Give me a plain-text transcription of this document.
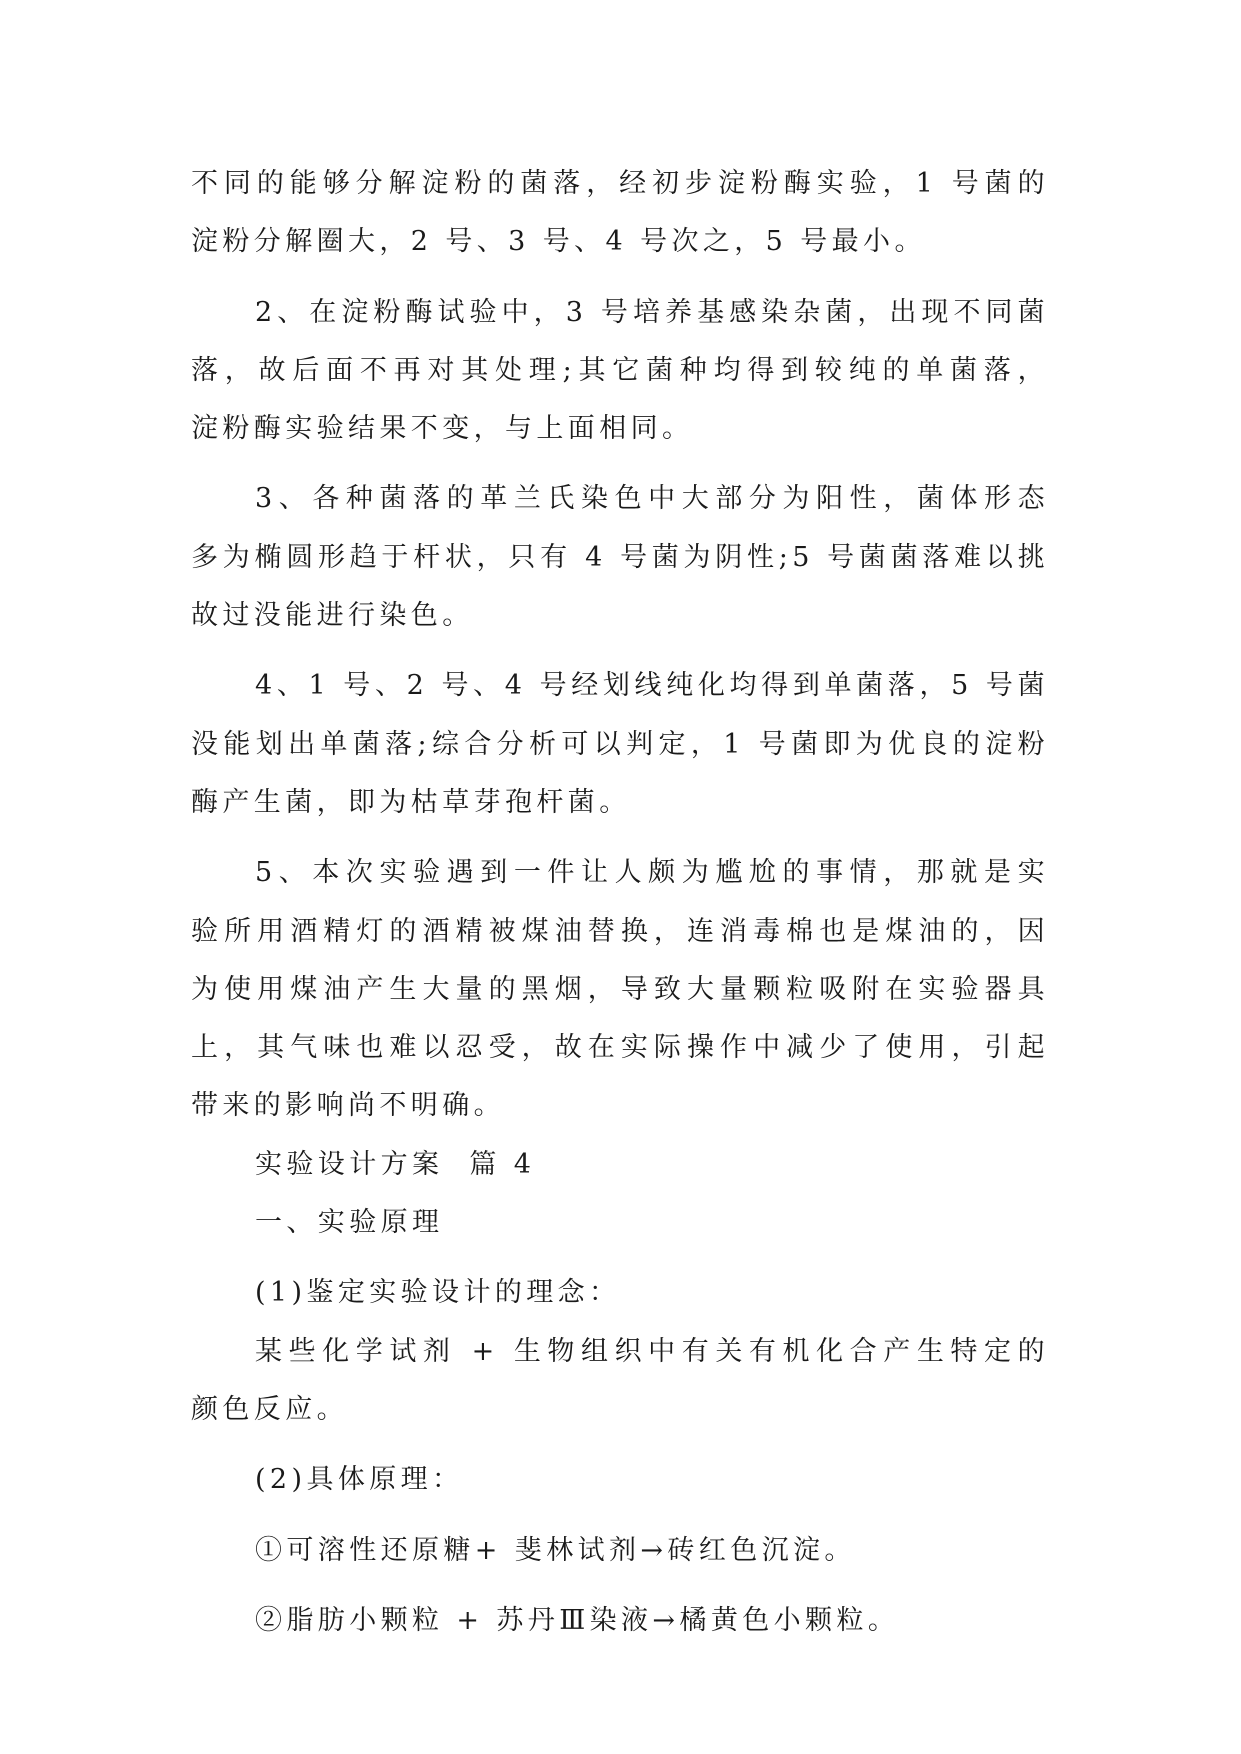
不同的能够分解淀粉的菌落，经初步淀粉酶实验，1 号菌的
淀粉分解圈大，2 号、3 号、4 号次之，5 号最小。

2、在淀粉酶试验中，3 号培养基感染杂菌，出现不同菌
落，故后面不再对其处理;其它菌种均得到较纯的单菌落，
淀粉酶实验结果不变，与上面相同。

3、各种菌落的革兰氏染色中大部分为阳性，菌体形态
多为椭圆形趋于杆状，只有 4 号菌为阴性;5 号菌菌落难以挑
故过没能进行染色。

4、1 号、2 号、4 号经划线纯化均得到单菌落，5 号菌
没能划出单菌落;综合分析可以判定，1 号菌即为优良的淀粉
酶产生菌，即为枯草芽孢杆菌。

5、本次实验遇到一件让人颇为尴尬的事情，那就是实
验所用酒精灯的酒精被煤油替换，连消毒棉也是煤油的，因
为使用煤油产生大量的黑烟，导致大量颗粒吸附在实验器具
上，其气味也难以忍受，故在实际操作中减少了使用，引起
带来的影响尚不明确。

实验设计方案  篇 4

一、实验原理

(1)鉴定实验设计的理念：

某些化学试剂 + 生物组织中有关有机化合产生特定的
颜色反应。

(2)具体原理：

①可溶性还原糖+ 斐林试剂→砖红色沉淀。

②脂肪小颗粒 + 苏丹Ⅲ染液→橘黄色小颗粒。
